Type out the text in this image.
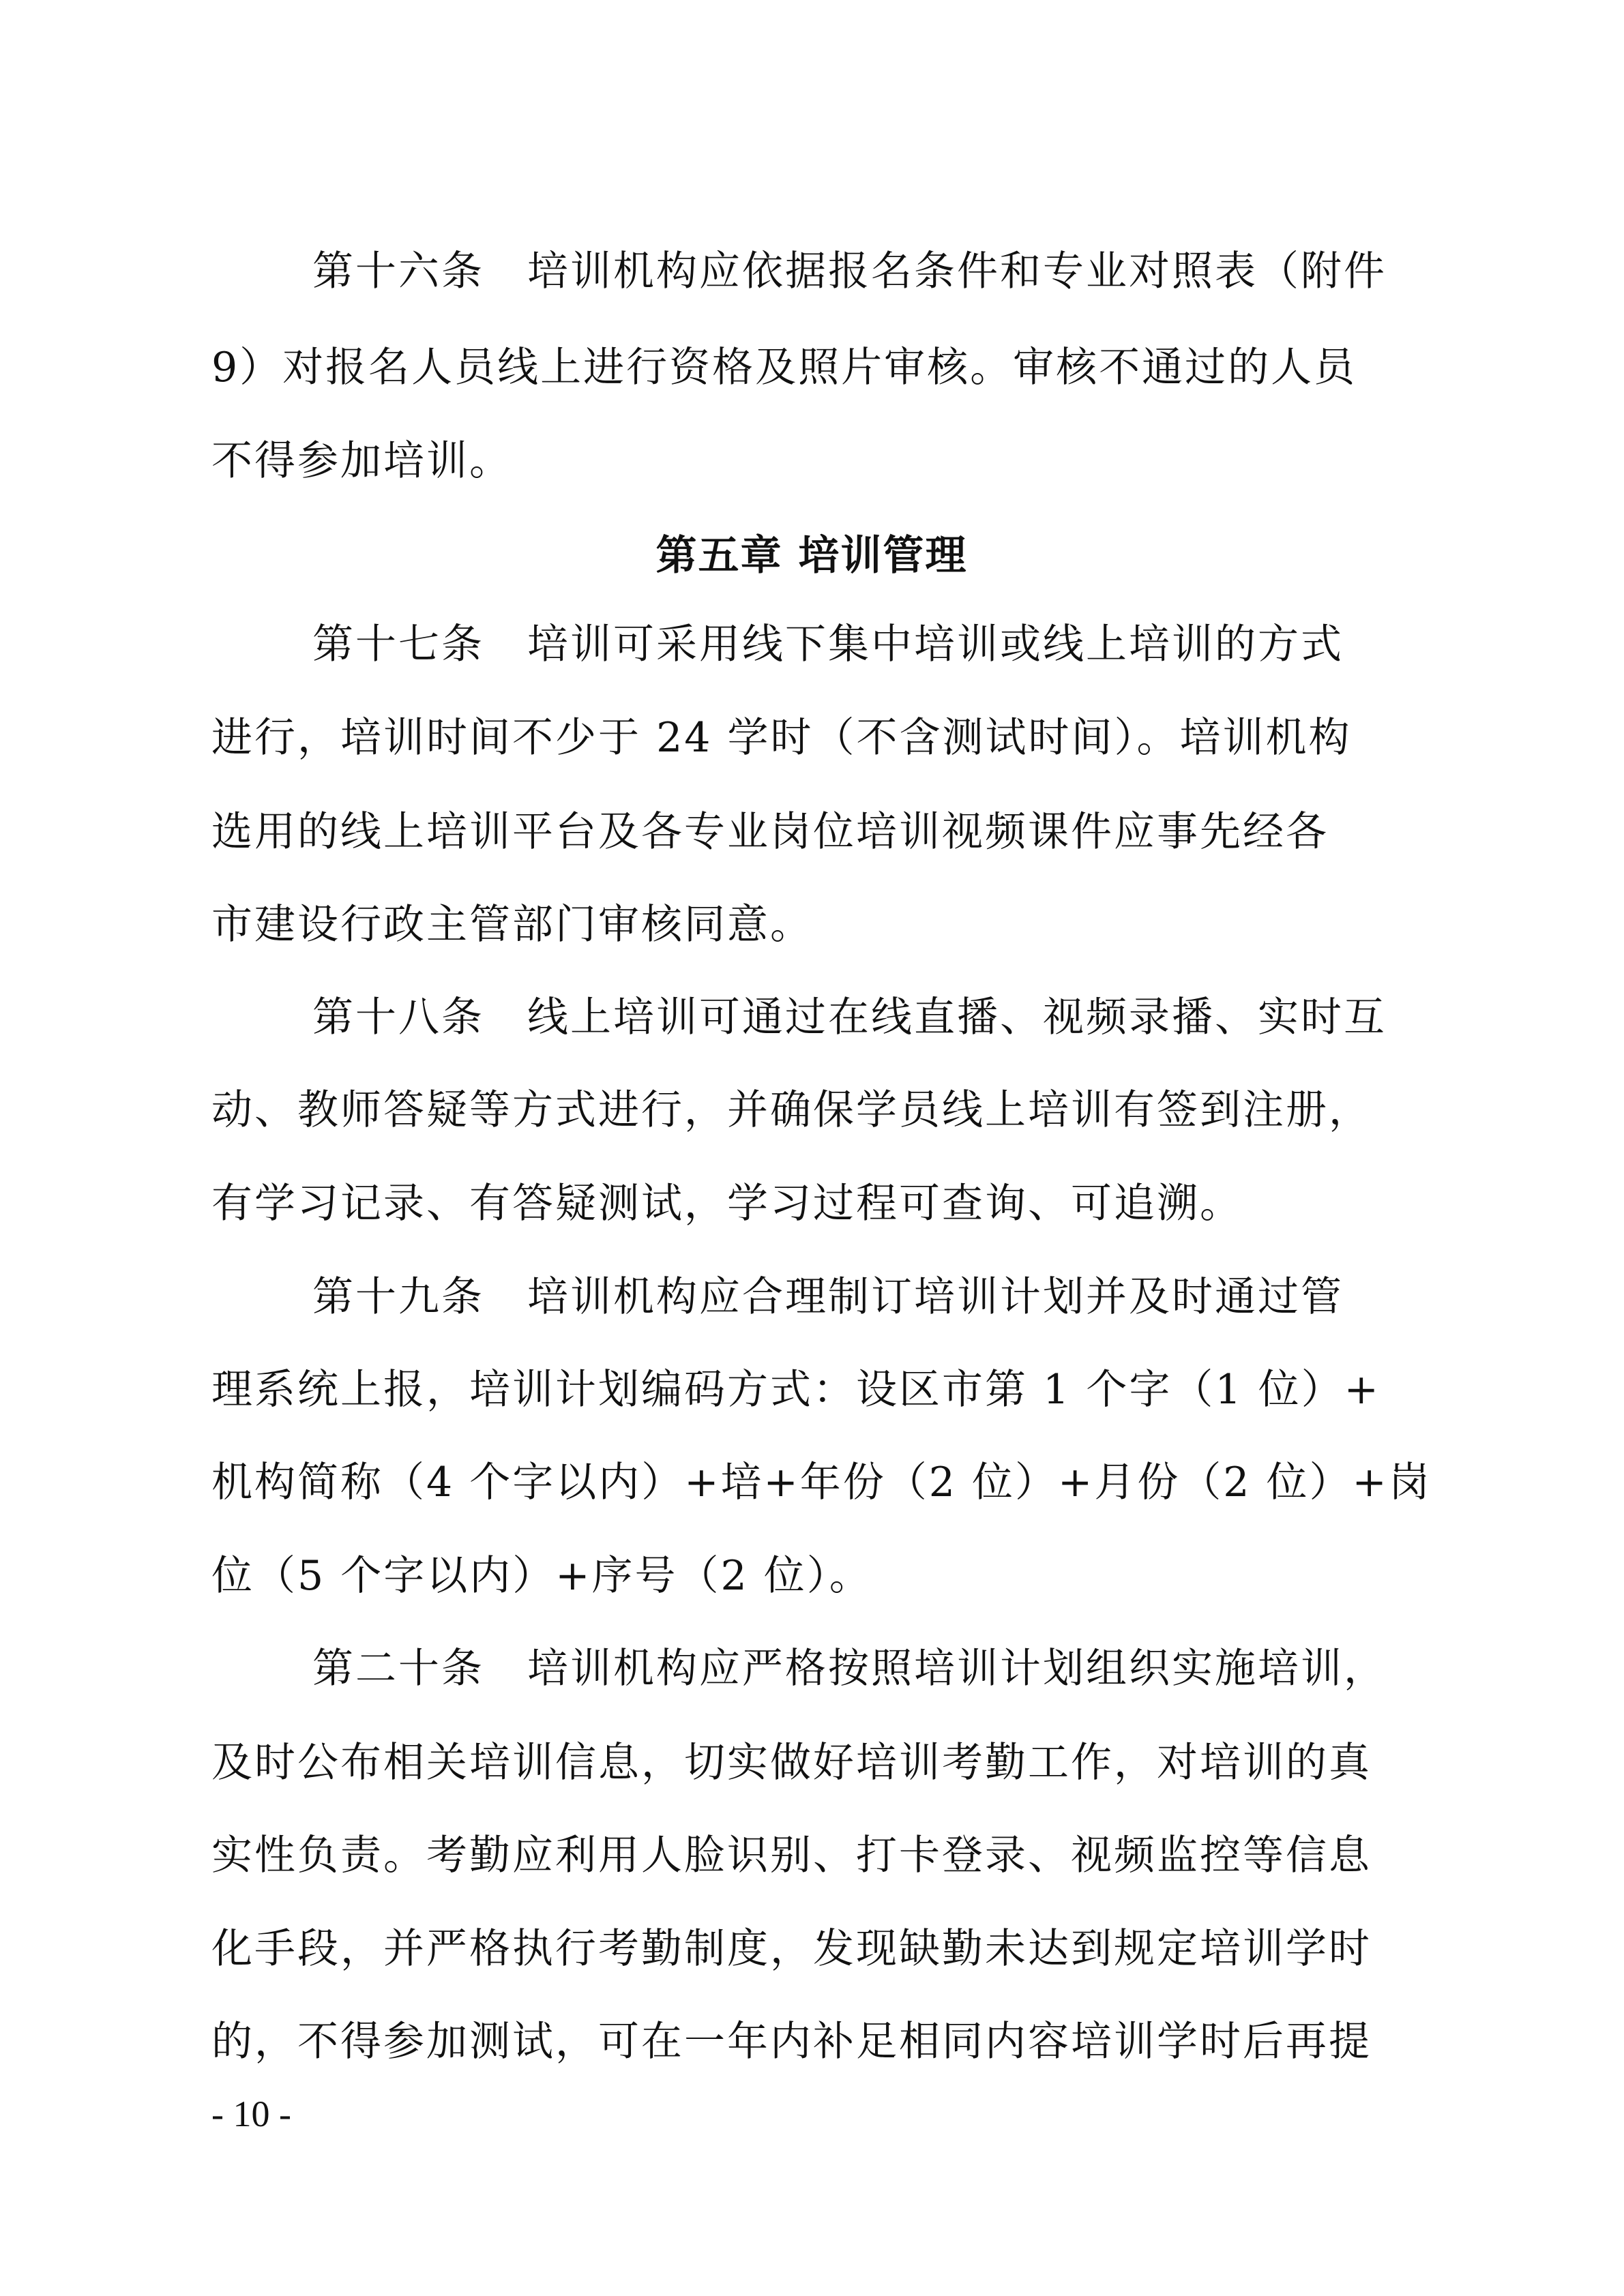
第十六条　培训机构应依据报名条件和专业对照表（附件
9）对报名人员线上进行资格及照片审核。审核不通过的人员
不得参加培训。
第五章 培训管理
第十七条　培训可采用线下集中培训或线上培训的方式
进行，培训时间不少于 24 学时（不含测试时间）。培训机构
选用的线上培训平台及各专业岗位培训视频课件应事先经各
市建设行政主管部门审核同意。
第十八条　线上培训可通过在线直播、视频录播、实时互
动、教师答疑等方式进行，并确保学员线上培训有签到注册，
有学习记录、有答疑测试，学习过程可查询、可追溯。
第十九条　培训机构应合理制订培训计划并及时通过管
理系统上报，培训计划编码方式：设区市第 1 个字（1 位）+
机构简称（4 个字以内）+培+年份（2 位）+月份（2 位）+岗
位（5 个字以内）+序号（2 位）。
第二十条　培训机构应严格按照培训计划组织实施培训，
及时公布相关培训信息，切实做好培训考勤工作，对培训的真
实性负责。考勤应利用人脸识别、打卡登录、视频监控等信息
化手段，并严格执行考勤制度，发现缺勤未达到规定培训学时
的，不得参加测试，可在一年内补足相同内容培训学时后再提
- 10 -
